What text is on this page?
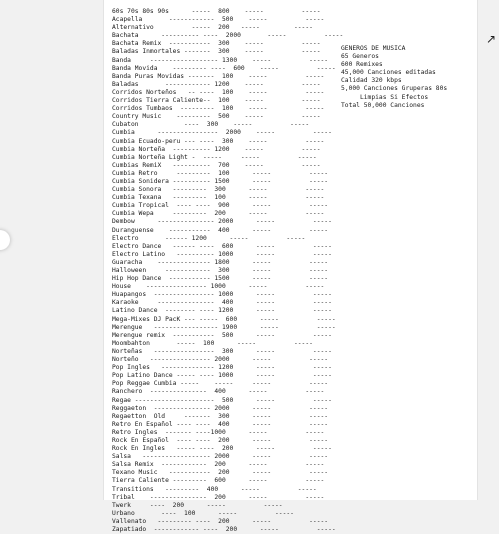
60s 70s 80s 90s      -----  800    -----          -----
Acapella       ------------  500    -----          -----
Alternativo          -----  200   -----         -----
Bachata      ---------- ----  2000       -----          -----
Bachata Remix  -----------  300    -----          -----
Baladas Inmortales -------  300    -----          -----
Banda     ------------------ 1300    -----          -----
Banda Movida    --------- ----  600    -----          -----
Banda Puras Movidas -------  100    -----          -----
Baladas       ------------ 1200    -----          -----
Corridos Norteños   -- ----  100    -----          -----
Corridos Tierra Caliente--  100    -----          -----
Corridos Tumbaos  ---------  100    -----          -----
Country Music    ---------  500    -----          -----
Cubaton            ----  300    -----          -----
Cumbia      ----------------  2000    -----          -----
Cumbia Ecuado-peru --- ----  300    -----          -----
Cumbia Norteña  ---------- 1200    -----          -----
Cumbia Norteña Light -  -----     -----          -----
Cumbias RemiX   ----------  700    -----          -----
Cumbia Retro     ---------  100      -----          -----
Cumbia Sonidera ---------- 1500      -----          -----
Cumbia Sonora   ---------  300      -----          -----
Cumbia Texana   ---------  100      -----          -----
Cumbia Tropical  ---- ----  900      -----          -----
Cumbia Wepa     ---------  200      -----          -----
Dembow      --------------- 2000      -----          -----
Duranguense    -----------  400      -----          -----
Electro       ------ 1200      -----          -----
Electro Dance   ------ ----  600      -----          -----
Electro Latino   ---------- 1000      -----          -----
Guaracha    -------------- 1800      -----          -----
Halloween     ------------  300      -----          -----
Hip Hop Dance  ----------- 1500      -----          -----
House    ---------------- 1000      -----          -----
Huapangos  ---------------- 1000      -----          -----
Karaoke     ---------------  400      -----          -----
Latino Dance  -------- ---- 1200      -----          -----
Mega-Mixes DJ PacK --- -----  600      -----          -----
Merengue   ----------------- 1900      -----          -----
Merengue remix  -----------  500      -----          -----
Moombahton       -----  100      -----          -----
Norteñas   ----------------  300      -----          -----
Norteño   ---------------- 2000      -----          -----
Pop Ingles   -------------- 1200      -----          -----
Pop Latino Dance ----- ---- 1000      -----          -----
Pop Reggae Cumbia -----    -----     -----          -----
Ranchero  ---------------  400      -----          -----
Regae ---------------------  500      -----          -----
Reggaeton  --------------- 2000      -----          -----
Regaetton  Old     -------  300      -----          -----
Retro En Español ---- ----  400      -----          -----
Retro Ingles  ------- ----1000      -----          -----
Rock En Español  ---- ----  200      -----          -----
Rock En Ingles   ----- ----  200      -----          -----
Salsa   ------------------ 2000      -----          -----
Salsa Remix  ------------  200      -----          -----
Texano Music   -----------  200      -----          -----
Tierra Caliente ---------  600      -----          -----
Transitions   ---------  400      -----          -----
Tribal    ---------------  200      -----          -----
Twerk     ----  200      -----          -----
Urbano       ----  100      -----          -----
Vallenato   --------- ----  200      -----          -----
Zapatiado  ------------ ----  200      -----          -----
GENEROS DE MUSICA
65 Generos
600 Remixes
45,000 Canciones editadas
Calidad 320 kbps
5,000 Canciones Gruperas 80s
Limpias Si Efectos
Total 50,000 Canciones
↗
